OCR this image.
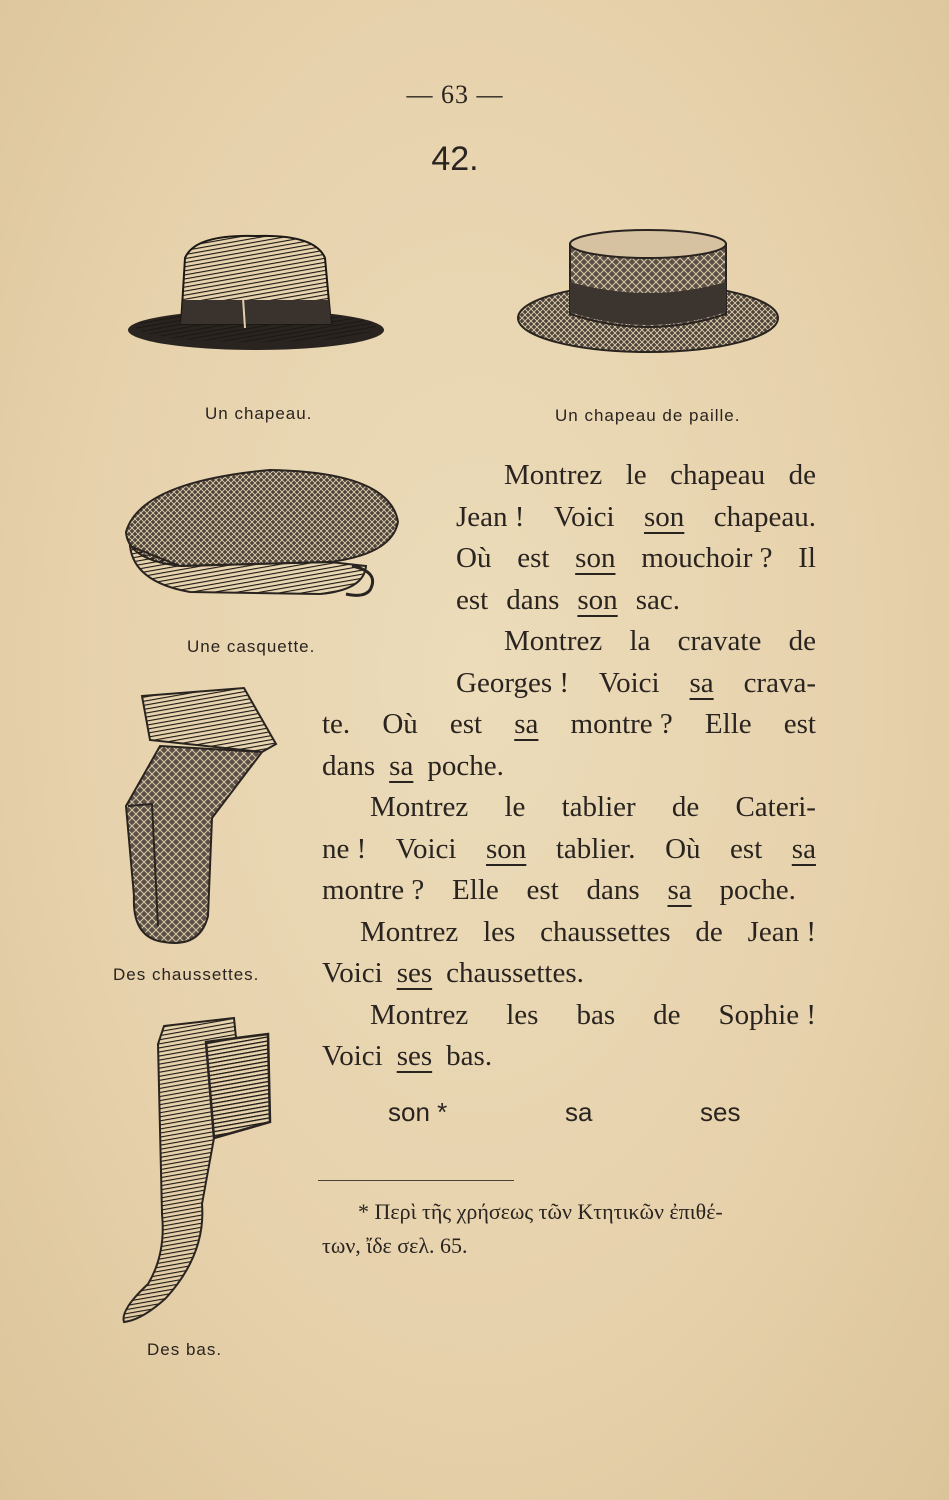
— 63 —
42.
Un chapeau.	Un chapeau de paille.
Une casquette.
Des chaussettes.
Des bas.
Montrez le chapeau de
Jean ! Voici son chapeau.
Où est son mouchoir ? Il
est dans son sac.
Montrez la cravate de
Georges ! Voici sa crava-
te. Où est sa montre ? Elle est
dans sa poche.
Montrez le tablier de Cateri-
ne ! Voici son tablier. Où est sa
montre ? Elle est dans sa poche.
Montrez les chaussettes de Jean !
Voici ses chaussettes.
Montrez les bas de Sophie !
Voici ses bas.
son *	sa	ses
* Περὶ τῆς χρήσεως τῶν Κτητικῶν ἐπιθέ-
των, ἴδε σελ. 65.
